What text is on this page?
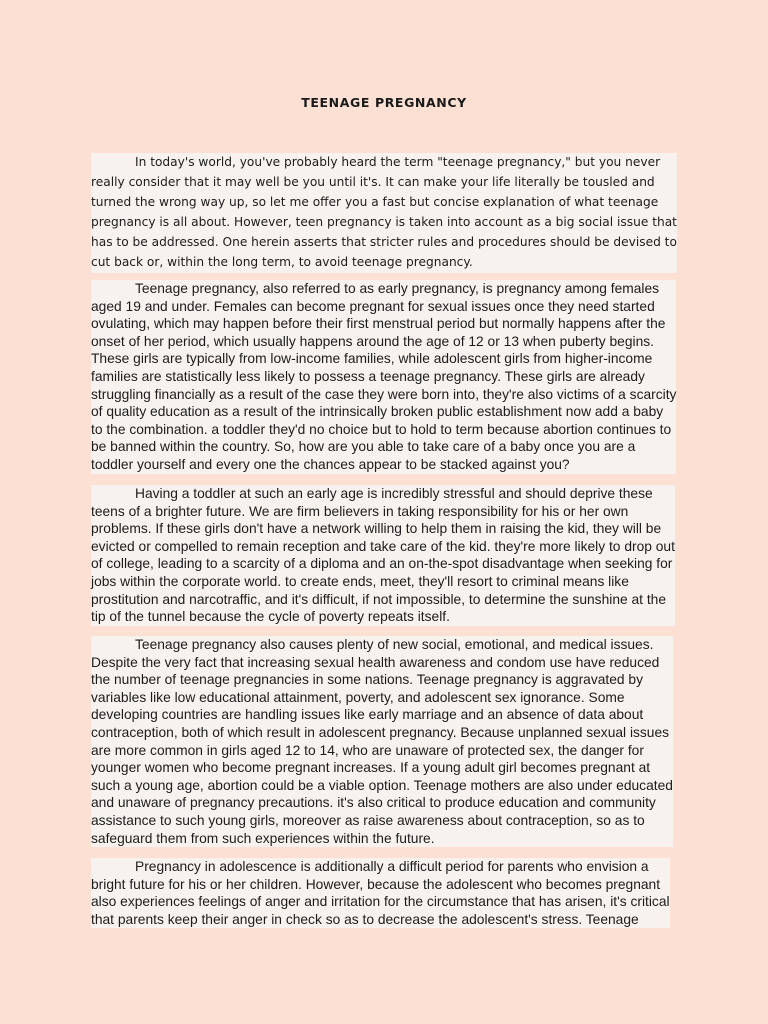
TEENAGE PREGNANCY
In today's world, you've probably heard the term "teenage pregnancy," but you never
really consider that it may well be you until it's. It can make your life literally be tousled and
turned the wrong way up, so let me offer you a fast but concise explanation of what teenage
pregnancy is all about. However, teen pregnancy is taken into account as a big social issue that
has to be addressed. One herein asserts that stricter rules and procedures should be devised to
cut back or, within the long term, to avoid teenage pregnancy.
Teenage pregnancy, also referred to as early pregnancy, is pregnancy among females
aged 19 and under. Females can become pregnant for sexual issues once they need started
ovulating, which may happen before their first menstrual period but normally happens after the
onset of her period, which usually happens around the age of 12 or 13 when puberty begins.
These girls are typically from low-income families, while adolescent girls from higher-income
families are statistically less likely to possess a teenage pregnancy. These girls are already
struggling financially as a result of the case they were born into, they're also victims of a scarcity
of quality education as a result of the intrinsically broken public establishment now add a baby
to the combination. a toddler they'd no choice but to hold to term because abortion continues to
be banned within the country. So, how are you able to take care of a baby once you are a
toddler yourself and every one the chances appear to be stacked against you?
Having a toddler at such an early age is incredibly stressful and should deprive these
teens of a brighter future. We are firm believers in taking responsibility for his or her own
problems. If these girls don't have a network willing to help them in raising the kid, they will be
evicted or compelled to remain reception and take care of the kid. they're more likely to drop out
of college, leading to a scarcity of a diploma and an on-the-spot disadvantage when seeking for
jobs within the corporate world. to create ends, meet, they'll resort to criminal means like
prostitution and narcotraffic, and it's difficult, if not impossible, to determine the sunshine at the
tip of the tunnel because the cycle of poverty repeats itself.
Teenage pregnancy also causes plenty of new social, emotional, and medical issues.
Despite the very fact that increasing sexual health awareness and condom use have reduced
the number of teenage pregnancies in some nations. Teenage pregnancy is aggravated by
variables like low educational attainment, poverty, and adolescent sex ignorance. Some
developing countries are handling issues like early marriage and an absence of data about
contraception, both of which result in adolescent pregnancy. Because unplanned sexual issues
are more common in girls aged 12 to 14, who are unaware of protected sex, the danger for
younger women who become pregnant increases. If a young adult girl becomes pregnant at
such a young age, abortion could be a viable option. Teenage mothers are also under educated
and unaware of pregnancy precautions. it's also critical to produce education and community
assistance to such young girls, moreover as raise awareness about contraception, so as to
safeguard them from such experiences within the future.
Pregnancy in adolescence is additionally a difficult period for parents who envision a
bright future for his or her children. However, because the adolescent who becomes pregnant
also experiences feelings of anger and irritation for the circumstance that has arisen, it's critical
that parents keep their anger in check so as to decrease the adolescent's stress. Teenage
